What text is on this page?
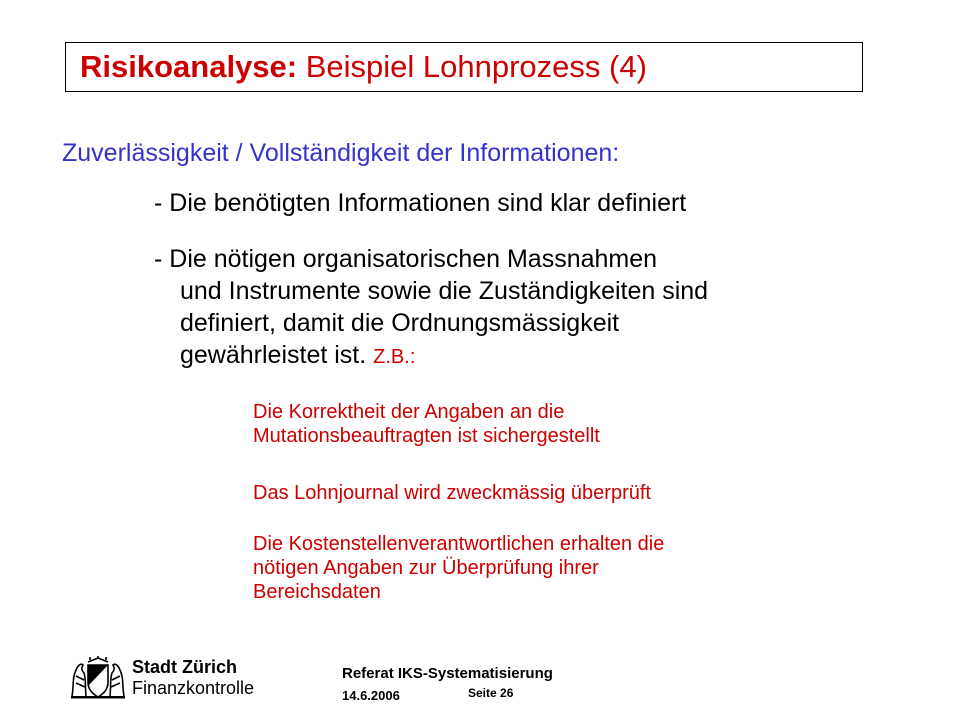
Risikoanalyse: Beispiel Lohnprozess (4)
Zuverlässigkeit / Vollständigkeit der Informationen:
- Die benötigten Informationen sind klar definiert
- Die nötigen organisatorischen Massnahmen
und Instrumente sowie die Zuständigkeiten sind
definiert, damit die Ordnungsmässigkeit
gewährleistet ist. Z.B.:
Die Korrektheit der Angaben an die
Mutationsbeauftragten ist sichergestellt
Das Lohnjournal wird zweckmässig überprüft
Die Kostenstellenverantwortlichen erhalten die
nötigen Angaben zur Überprüfung ihrer
Bereichsdaten
Stadt Zürich
Finanzkontrolle
Referat IKS-Systematisierung
14.6.2006	Seite 26
